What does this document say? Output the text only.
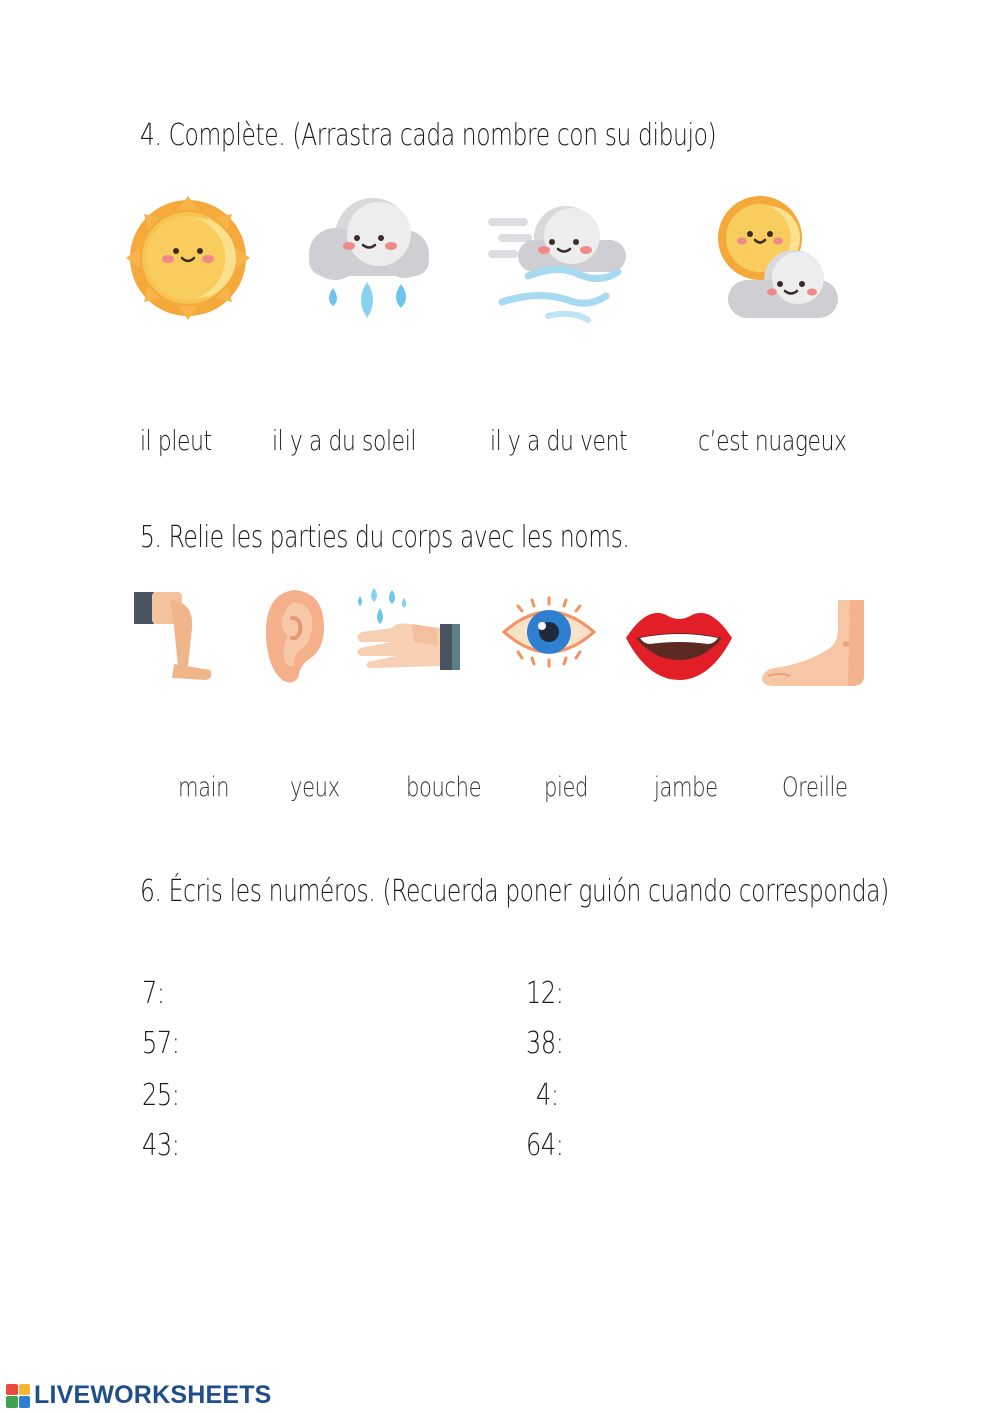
4. Complète. (Arrastra cada nombre con su dibujo)
il pleut il y a du soleil	il y a du vent	c’est nuageux
5. Relie les parties du corps avec les noms.
main yeux bouche pied jambe Oreille
6. Écris les numéros. (Recuerda poner guión cuando corresponda)
7:
57:
25:
43:
12:
38:
4:
64:
LIVEWORKSHEETS
